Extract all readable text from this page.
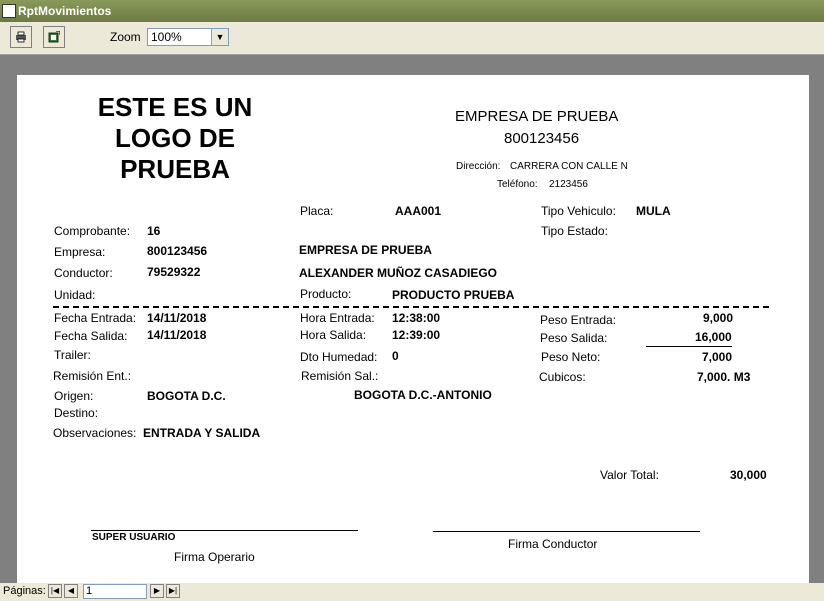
RptMovimientos
Zoom 100%	▼
ESTE ES UN
LOGO DE
PRUEBA
EMPRESA DE PRUEBA
800123456
Dirección: CARRERA CON CALLE N
Teléfono: 2123456
Placa:	AAA001	Tipo Vehiculo: MULA
Comprobante: 16	Tipo Estado:
Empresa:	800123456	EMPRESA DE PRUEBA
Conductor:	79529322	ALEXANDER MUÑOZ CASADIEGO
Unidad:	Producto:	PRODUCTO PRUEBA
Fecha Entrada: 14/11/2018	Hora Entrada: 12:38:00	Peso Entrada:	9,000
Fecha Salida: 14/11/2018	Hora Salida: 12:39:00	Peso Salida:	16,000
Trailer:	Dto Humedad: 0	Peso Neto:	7,000
Remisión Ent.:	Remisión Sal.:	Cubicos:	7,000. M3
Origen:	BOGOTA D.C.	BOGOTA D.C.-ANTONIO
Destino:
Observaciones: ENTRADA Y SALIDA
Valor Total:	30,000
SUPER USUARIO
Firma Operario
Firma Conductor
Páginas: |◀	◀	1	▶	▶|
